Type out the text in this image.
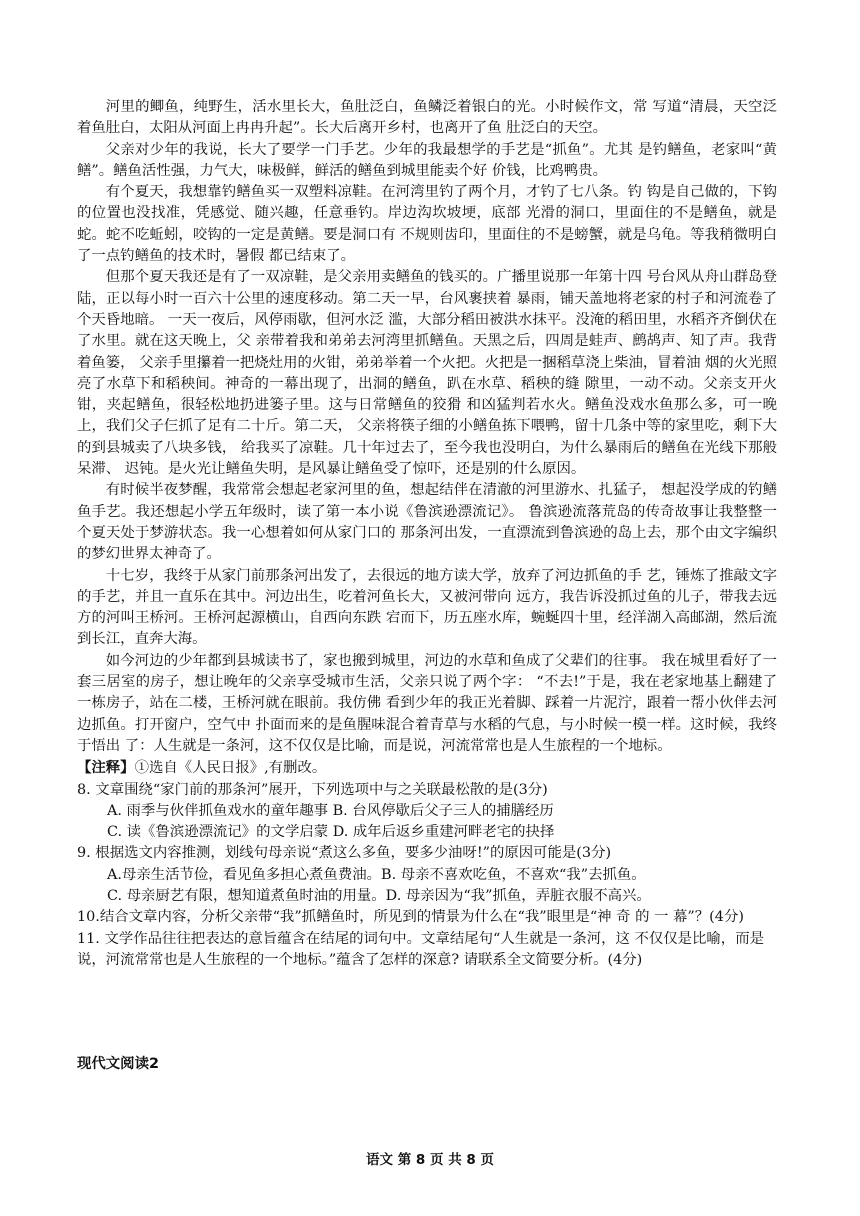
河里的鲫鱼，纯野生，活水里长大，鱼肚泛白，鱼鳞泛着银白的光。小时候作文，常 写道“清晨，天空泛着鱼肚白，太阳从河面上冉冉升起”。长大后离开乡村，也离开了鱼 肚泛白的天空。

父亲对少年的我说，长大了要学一门手艺。少年的我最想学的手艺是“抓鱼”。尤其 是钓鳝鱼，老家叫“黄鳝”。鳝鱼活性强，力气大，味极鲜，鲜活的鳝鱼到城里能卖个好 价钱，比鸡鸭贵。

有个夏天，我想靠钓鳝鱼买一双塑料凉鞋。在河湾里钓了两个月，才钓了七八条。钓 钩是自己做的，下钩的位置也没找准，凭感觉、随兴趣，任意垂钓。岸边沟坎坡埂，底部 光滑的洞口，里面住的不是鳝鱼，就是蛇。蛇不吃蚯蚓，咬钩的一定是黄鳝。要是洞口有 不规则齿印，里面住的不是螃蟹，就是乌龟。等我稍微明白了一点钓鳝鱼的技术时，暑假 都已结束了。

但那个夏天我还是有了一双凉鞋，是父亲用卖鳝鱼的钱买的。广播里说那一年第十四 号台风从舟山群岛登陆，正以每小时一百六十公里的速度移动。第二天一早，台风裹挟着 暴雨，铺天盖地将老家的村子和河流卷了个天昏地暗。 一天一夜后，风停雨歇，但河水泛 滥，大部分稻田被洪水抹平。没淹的稻田里，水稻齐齐倒伏在了水里。就在这天晚上，父 亲带着我和弟弟去河湾里抓鳝鱼。天黑之后，四周是蛙声、鹧鸪声、知了声。我背着鱼篓， 父亲手里攥着一把烧灶用的火钳，弟弟举着一个火把。火把是一捆稻草浇上柴油，冒着油 烟的火光照亮了水草下和稻秧间。神奇的一幕出现了，出洞的鳝鱼，趴在水草、稻秧的缝 隙里，一动不动。父亲支开火钳，夹起鳝鱼，很轻松地扔进篓子里。这与日常鳝鱼的狡猾 和凶猛判若水火。鳝鱼没戏水鱼那么多，可一晚上，我们父子仨抓了足有二十斤。第二天， 父亲将筷子细的小鳝鱼拣下喂鸭，留十几条中等的家里吃，剩下大的到县城卖了八块多钱， 给我买了凉鞋。几十年过去了，至今我也没明白，为什么暴雨后的鳝鱼在光线下那般呆滞、 迟钝。是火光让鳝鱼失明，是风暴让鳝鱼受了惊吓，还是别的什么原因。

有时候半夜梦醒，我常常会想起老家河里的鱼，想起结伴在清澈的河里游水、扎猛子， 想起没学成的钓鳝鱼手艺。我还想起小学五年级时，读了第一本小说《鲁滨逊漂流记》。 鲁滨逊流落荒岛的传奇故事让我整整一个夏天处于梦游状态。我一心想着如何从家门口的 那条河出发，一直漂流到鲁滨逊的岛上去，那个由文字编织的梦幻世界太神奇了。

十七岁，我终于从家门前那条河出发了，去很远的地方读大学，放弃了河边抓鱼的手 艺，锤炼了推敲文字的手艺，并且一直乐在其中。河边出生，吃着河鱼长大，又被河带向 远方，我告诉没抓过鱼的儿子，带我去远方的河叫王桥河。王桥河起源横山，自西向东跌 宕而下，历五座水库，蜿蜒四十里，经洋湖入高邮湖，然后流到长江，直奔大海。

如今河边的少年都到县城读书了，家也搬到城里，河边的水草和鱼成了父辈们的往事。 我在城里看好了一套三居室的房子，想让晚年的父亲享受城市生活，父亲只说了两个字： “不去!”于是，我在老家地基上翻建了一栋房子，站在二楼，王桥河就在眼前。我仿佛 看到少年的我正光着脚、踩着一片泥泞，跟着一帮小伙伴去河边抓鱼。打开窗户，空气中 扑面而来的是鱼腥味混合着青草与水稻的气息，与小时候一模一样。这时候，我终于悟出 了：人生就是一条河，这不仅仅是比喻，而是说，河流常常也是人生旅程的一个地标。

【注释】①选自《人民日报》,有删改。

8. 文章围绕“家门前的那条河”展开，下列选项中与之关联最松散的是(3分)

A. 雨季与伙伴抓鱼戏水的童年趣事 B. 台风停歇后父子三人的捕膳经历

C. 读《鲁滨逊漂流记》的文学启蒙 D. 成年后返乡重建河畔老宅的抉择

9. 根据选文内容推测，划线句母亲说“煮这么多鱼，要多少油呀!”的原因可能是(3分)

A.母亲生活节俭，看见鱼多担心煮鱼费油。B. 母亲不喜欢吃鱼，不喜欢“我”去抓鱼。

C. 母亲厨艺有限，想知道煮鱼时油的用量。D. 母亲因为“我”抓鱼，弄脏衣服不高兴。

10.结合文章内容，分析父亲带“我”抓鳝鱼时，所见到的情景为什么在“我”眼里是“神 奇 的 一 幕”？(4分)

11. 文学作品往往把表达的意旨蕴含在结尾的词句中。文章结尾句“人生就是一条河，这 不仅仅是比喻，而是说，河流常常也是人生旅程的一个地标。”蕴含了怎样的深意? 请联系全文简要分析。(4分)

现代文阅读2
语文 第 8 页 共 8 页
